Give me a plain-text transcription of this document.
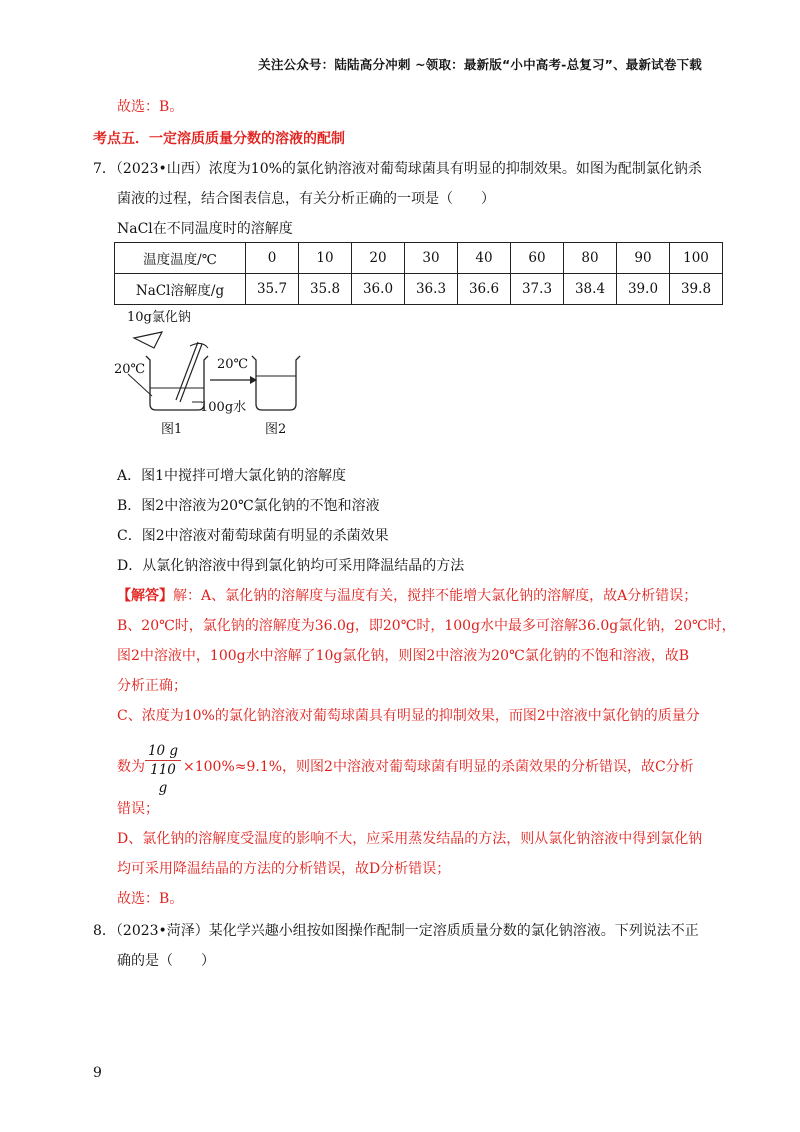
关注公众号：陆陆高分冲刺 ~领取：最新版“小中高考-总复习”、最新试卷下载
故选：B。
考点五．一定溶质质量分数的溶液的配制
7．（2023•山西）浓度为10%的氯化钠溶液对葡萄球菌具有明显的抑制效果。如图为配制氯化钠杀
菌液的过程，结合图表信息，有关分析正确的一项是（　　）
NaCl在不同温度时的溶解度
温度温度/℃	0	10	20	30	40	60	80	90	100
NaCl溶解度/g	35.7	35.8	36.0	36.3	36.6	37.3	38.4	39.0	39.8
10g氯化钠
20℃	20℃
100g水
图1	图2
A．图1中搅拌可增大氯化钠的溶解度
B．图2中溶液为20℃氯化钠的不饱和溶液
C．图2中溶液对葡萄球菌有明显的杀菌效果
D．从氯化钠溶液中得到氯化钠均可采用降温结晶的方法
【解答】解：A、氯化钠的溶解度与温度有关，搅拌不能增大氯化钠的溶解度，故A分析错误；
B、20℃时，氯化钠的溶解度为36.0g，即20℃时，100g水中最多可溶解36.0g氯化钠，20℃时，
图2中溶液中，100g水中溶解了10g氯化钠，则图2中溶液为20℃氯化钠的不饱和溶液，故B
分析正确；
C、浓度为10%的氯化钠溶液对葡萄球菌具有明显的抑制效果，而图2中溶液中氯化钠的质量分
数为 $\frac{10 g}{110 g} \times 100\%\approx 9.1\%$，则图2中溶液对葡萄球菌有明显的杀菌效果的分析错误，故C分析
错误；
D、氯化钠的溶解度受温度的影响不大，应采用蒸发结晶的方法，则从氯化钠溶液中得到氯化钠
均可采用降温结晶的方法的分析错误，故D分析错误；
故选：B。
8．（2023•菏泽）某化学兴趣小组按如图操作配制一定溶质质量分数的氯化钠溶液。下列说法不正
确的是（　　）
9
